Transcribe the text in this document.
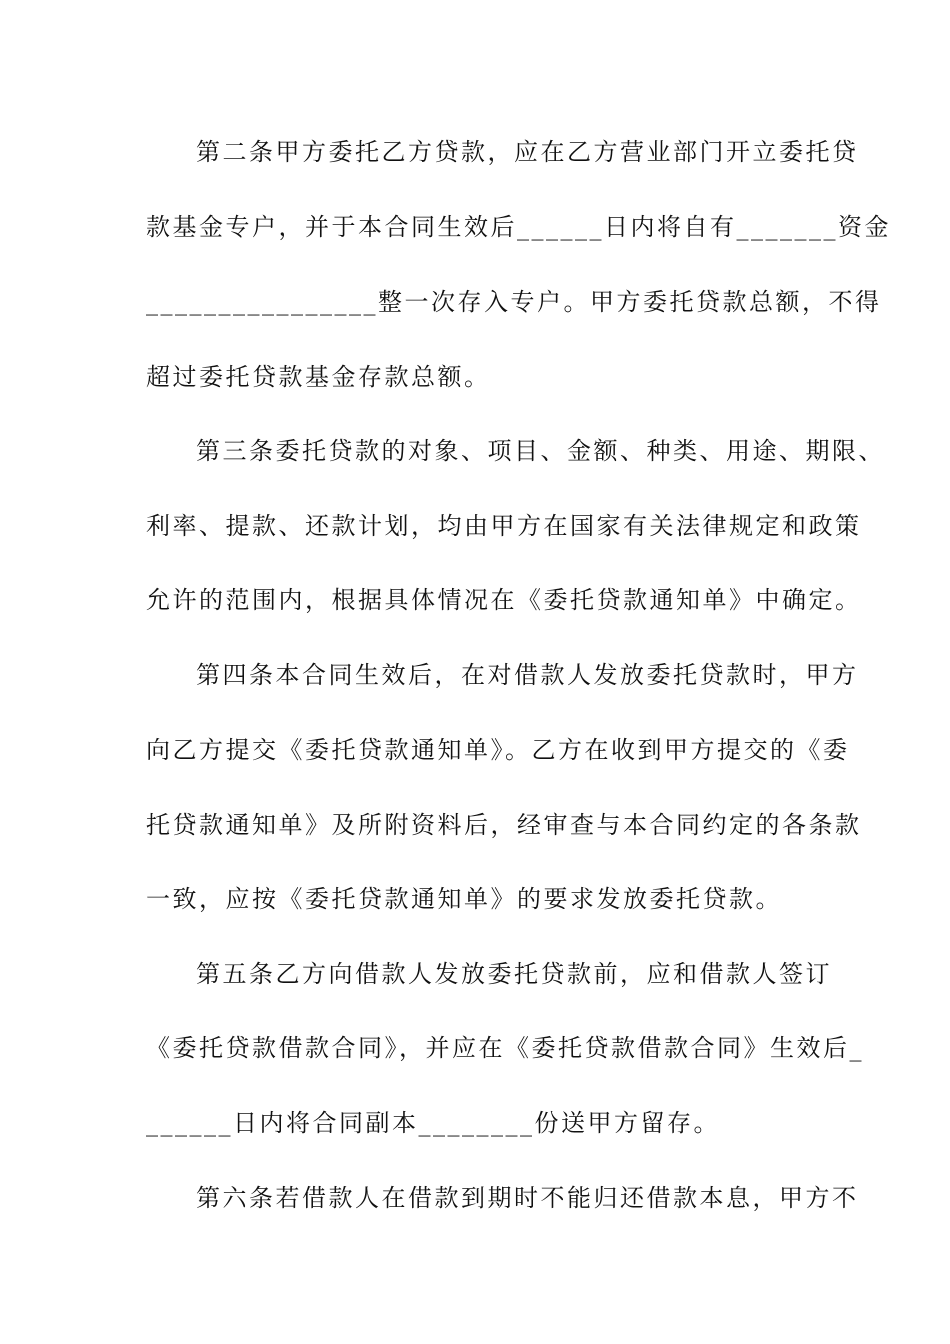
第二条甲方委托乙方贷款，应在乙方营业部门开立委托贷
款基金专户，并于本合同生效后______日内将自有_______资金
________________整一次存入专户。甲方委托贷款总额，不得
超过委托贷款基金存款总额。
第三条委托贷款的对象、项目、金额、种类、用途、期限、
利率、提款、还款计划，均由甲方在国家有关法律规定和政策
允许的范围内，根据具体情况在《委托贷款通知单》中确定。
第四条本合同生效后，在对借款人发放委托贷款时，甲方
向乙方提交《委托贷款通知单》。乙方在收到甲方提交的《委
托贷款通知单》及所附资料后，经审查与本合同约定的各条款
一致，应按《委托贷款通知单》的要求发放委托贷款。
第五条乙方向借款人发放委托贷款前，应和借款人签订
《委托贷款借款合同》，并应在《委托贷款借款合同》生效后_
______日内将合同副本________份送甲方留存。
第六条若借款人在借款到期时不能归还借款本息，甲方不
